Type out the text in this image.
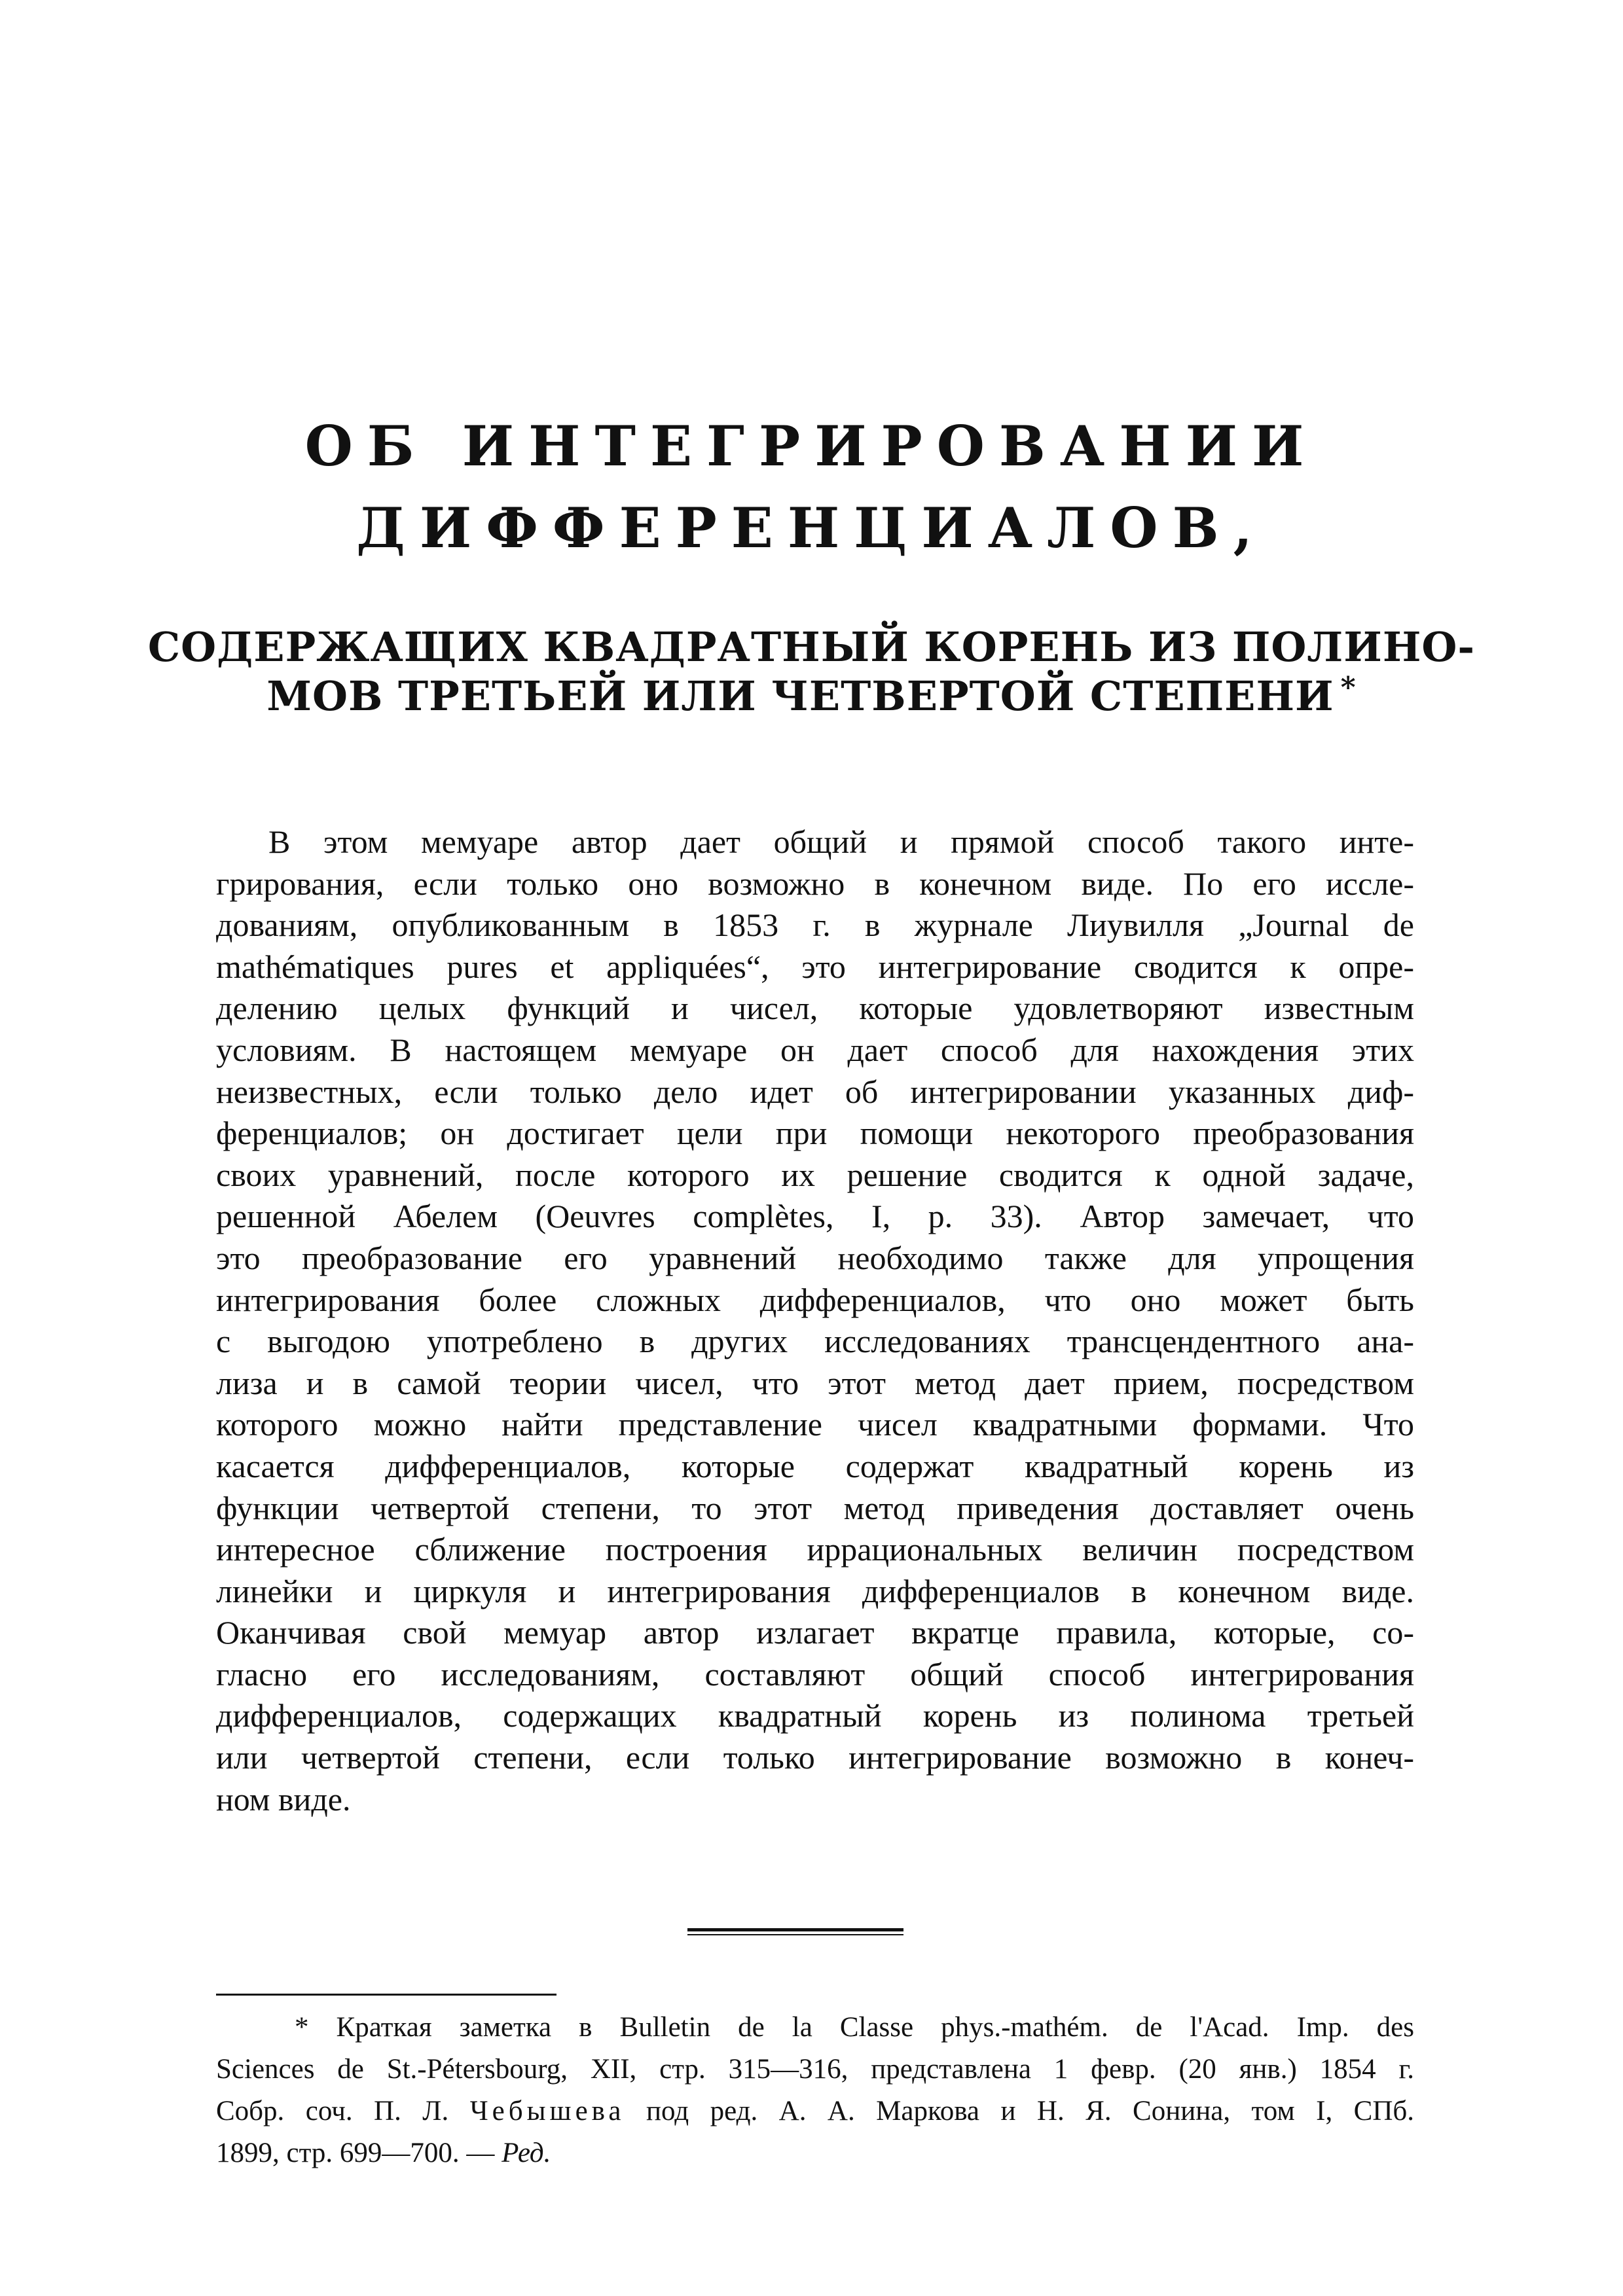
ОБ ИНТЕГРИРОВАНИИ
ДИФФЕРЕНЦИАЛОВ,
СОДЕРЖАЩИХ КВАДРАТНЫЙ КОРЕНЬ ИЗ ПОЛИНО-
МОВ ТРЕТЬЕЙ ИЛИ ЧЕТВЕРТОЙ СТЕПЕНИ *
В этом мемуаре автор дает общий и прямой способ такого инте-
грирования, если только оно возможно в конечном виде. По его иссле-
дованиям, опубликованным в 1853 г. в журнале Лиувилля „Journal de
mathématiques pures et appliquées“, это интегрирование сводится к опре-
делению целых функций и чисел, которые удовлетворяют известным
условиям. В настоящем мемуаре он дает способ для нахождения этих
неизвестных, если только дело идет об интегрировании указанных диф-
ференциалов; он достигает цели при помощи некоторого преобразования
своих уравнений, после которого их решение сводится к одной задаче,
решенной Абелем (Oeuvres complètes, I, p. 33). Автор замечает, что
это преобразование его уравнений необходимо также для упрощения
интегрирования более сложных дифференциалов, что оно может быть
с выгодою употреблено в других исследованиях трансцендентного ана-
лиза и в самой теории чисел, что этот метод дает прием, посредством
которого можно найти представление чисел квадратными формами. Что
касается дифференциалов, которые содержат квадратный корень из
функции четвертой степени, то этот метод приведения доставляет очень
интересное сближение построения иррациональных величин посредством
линейки и циркуля и интегрирования дифференциалов в конечном виде.
Оканчивая свой мемуар автор излагает вкратце правила, которые, со-
гласно его исследованиям, составляют общий способ интегрирования
дифференциалов, содержащих квадратный корень из полинома третьей
или четвертой степени, если только интегрирование возможно в конеч-
ном виде.
* Краткая заметка в Bulletin de la Classe phys.-mathém. de l'Acad. Imp. des
Sciences de St.-Pétersbourg, XII, стр. 315—316, представлена 1 февр. (20 янв.) 1854 г.
Собр. соч. П. Л. Чебышева под ред. А. А. Маркова и Н. Я. Сонина, том I, СПб.
1899, стр. 699—700. — Ред.
